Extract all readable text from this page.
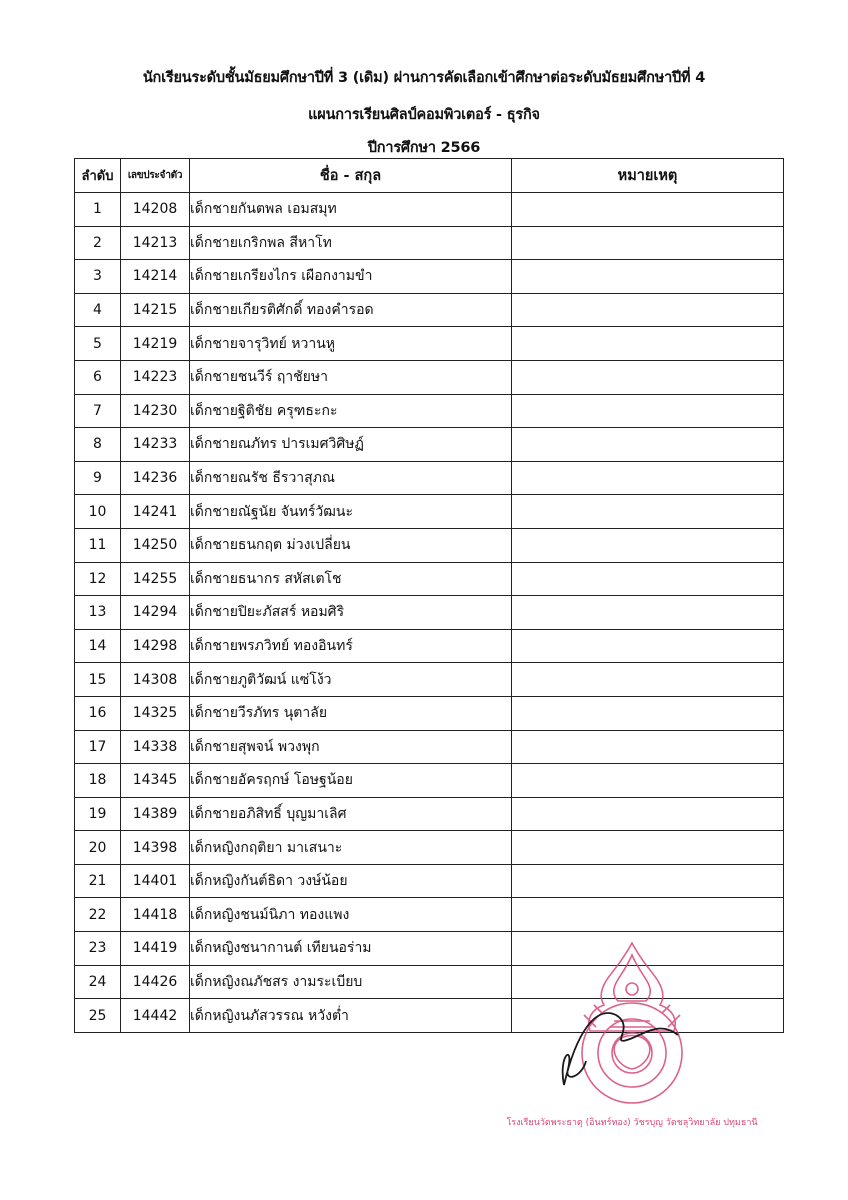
นักเรียนระดับชั้นมัธยมศึกษาปีที่ 3 (เดิม) ผ่านการคัดเลือกเข้าศึกษาต่อระดับมัธยมศึกษาปีที่ 4
แผนการเรียนศิลป์คอมพิวเตอร์ - ธุรกิจ
ปีการศึกษา 2566
ลำดับ	เลขประจำตัว	ชื่อ - สกุล	หมายเหตุ
1	14208	เด็กชายกันตพล เอมสมุท	
2	14213	เด็กชายเกริกพล สีหาโท	
3	14214	เด็กชายเกรียงไกร เผือกงามขำ	
4	14215	เด็กชายเกียรติศักดิ์ ทองคำรอด	
5	14219	เด็กชายจารุวิทย์ หวานหู	
6	14223	เด็กชายชนวีร์ ฤาชัยษา	
7	14230	เด็กชายฐิติชัย ครุฑธะกะ	
8	14233	เด็กชายณภัทร ปารเมศวิศิษฏ์	
9	14236	เด็กชายณรัช ธีรวาสุภณ	
10	14241	เด็กชายณัฐนัย จันทร์วัฒนะ	
11	14250	เด็กชายธนกฤต ม่วงเปลี่ยน	
12	14255	เด็กชายธนากร สหัสเตโช	
13	14294	เด็กชายปิยะภัสสร์ หอมศิริ	
14	14298	เด็กชายพรภวิทย์ ทองอินทร์	
15	14308	เด็กชายภูติวัฒน์ แซ่โง้ว	
16	14325	เด็กชายวีรภัทร นุตาลัย	
17	14338	เด็กชายสุพจน์ พวงพุก	
18	14345	เด็กชายอัครฤกษ์ โอษฐน้อย	
19	14389	เด็กชายอภิสิทธิ์ บุญมาเลิศ	
20	14398	เด็กหญิงกฤติยา มาเสนาะ	
21	14401	เด็กหญิงกันต์ธิดา วงษ์น้อย	
22	14418	เด็กหญิงชนม์นิภา ทองแพง	
23	14419	เด็กหญิงชนากานต์ เทียนอร่าม	
24	14426	เด็กหญิงณภัชสร งามระเบียบ	
25	14442	เด็กหญิงนภัสวรรณ หวังต่ำ	
โรงเรียนวัดพระธาตุ (อินทร์ทอง) วัชรบุญ วัดชลุวิทยาลัย ปทุมธานี
